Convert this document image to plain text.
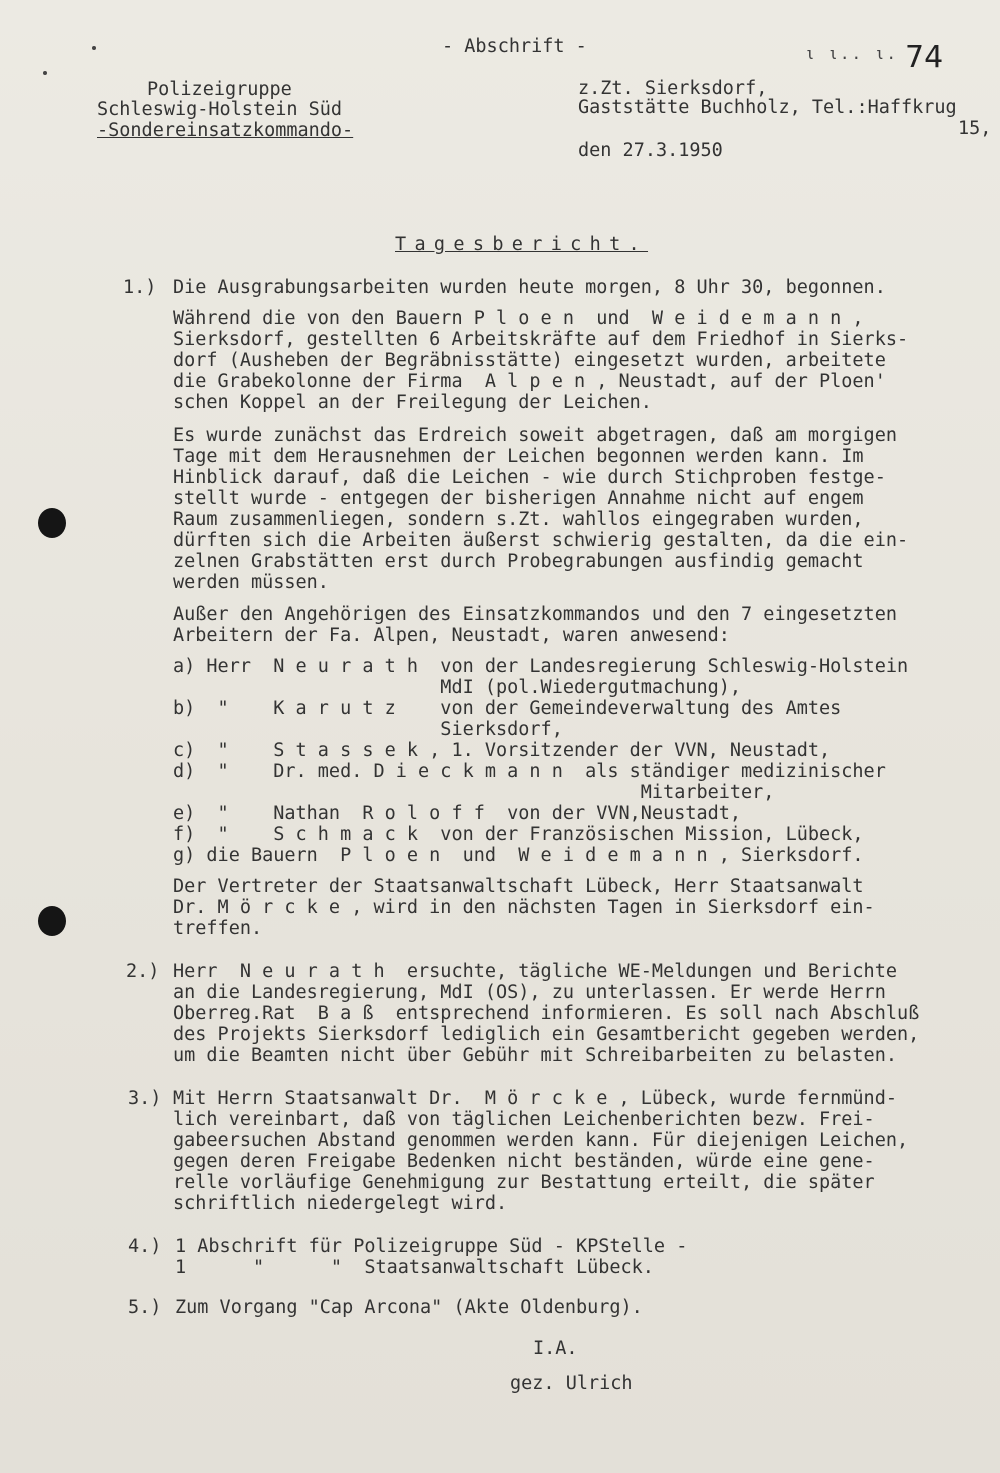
- Abschrift -	ι ι.. ι. 74
Polizeigruppe
Schleswig-Holstein Süd
-Sondereinsatzkommando-
z.Zt. Sierksdorf,
Gaststätte Buchholz, Tel.:Haffkrug
15,
den 27.3.1950
Tagesbericht.
1.) Die Ausgrabungsarbeiten wurden heute morgen, 8 Uhr 30, begonnen.
Während die von den Bauern P l o e n  und  W e i d e m a n n ,
Sierksdorf, gestellten 6 Arbeitskräfte auf dem Friedhof in Sierks-
dorf (Ausheben der Begräbnisstätte) eingesetzt wurden, arbeitete
die Grabekolonne der Firma  A l p e n , Neustadt, auf der Ploen'
schen Koppel an der Freilegung der Leichen.
Es wurde zunächst das Erdreich soweit abgetragen, daß am morgigen
Tage mit dem Herausnehmen der Leichen begonnen werden kann. Im
Hinblick darauf, daß die Leichen - wie durch Stichproben festge-
stellt wurde - entgegen der bisherigen Annahme nicht auf engem
Raum zusammenliegen, sondern s.Zt. wahllos eingegraben wurden,
dürften sich die Arbeiten äußerst schwierig gestalten, da die ein-
zelnen Grabstätten erst durch Probegrabungen ausfindig gemacht
werden müssen.
Außer den Angehörigen des Einsatzkommandos und den 7 eingesetzten
Arbeitern der Fa. Alpen, Neustadt, waren anwesend:
a) Herr  N e u r a t h  von der Landesregierung Schleswig-Holstein
MdI (pol.Wiedergutmachung),
b)  "    K a r u t z    von der Gemeindeverwaltung des Amtes
Sierksdorf,
c)  "    S t a s s e k , 1. Vorsitzender der VVN, Neustadt,
d)  "    Dr. med. D i e c k m a n n  als ständiger medizinischer
Mitarbeiter,
e)  "    Nathan  R o l o f f  von der VVN,Neustadt,
f)  "    S c h m a c k  von der Französischen Mission, Lübeck,
g) die Bauern  P l o e n  und  W e i d e m a n n , Sierksdorf.
Der Vertreter der Staatsanwaltschaft Lübeck, Herr Staatsanwalt
Dr. M ö r c k e , wird in den nächsten Tagen in Sierksdorf ein-
treffen.
2.) Herr  N e u r a t h  ersuchte, tägliche WE-Meldungen und Berichte
an die Landesregierung, MdI (OS), zu unterlassen. Er werde Herrn
Oberreg.Rat  B a ß  entsprechend informieren. Es soll nach Abschluß
des Projekts Sierksdorf lediglich ein Gesamtbericht gegeben werden,
um die Beamten nicht über Gebühr mit Schreibarbeiten zu belasten.
3.) Mit Herrn Staatsanwalt Dr.  M ö r c k e , Lübeck, wurde fernmünd-
lich vereinbart, daß von täglichen Leichenberichten bezw. Frei-
gabeersuchen Abstand genommen werden kann. Für diejenigen Leichen,
gegen deren Freigabe Bedenken nicht beständen, würde eine gene-
relle vorläufige Genehmigung zur Bestattung erteilt, die später
schriftlich niedergelegt wird.
4.) 1 Abschrift für Polizeigruppe Süd - KPStelle -
1      "      "  Staatsanwaltschaft Lübeck.
5.) Zum Vorgang "Cap Arcona" (Akte Oldenburg).
I.A.
gez. Ulrich
